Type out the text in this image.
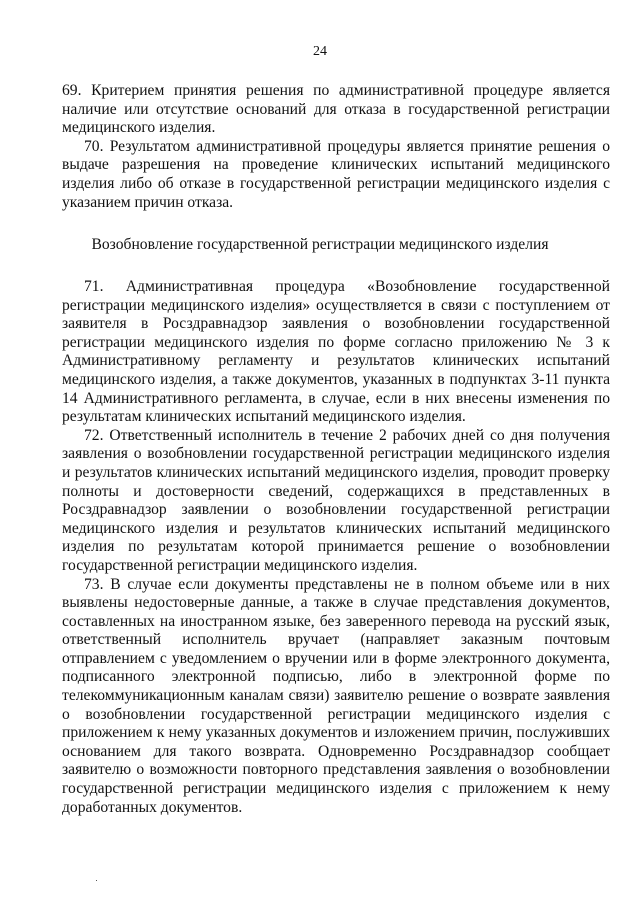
24

69. Критерием принятия решения по административной процедуре является наличие или отсутствие оснований для отказа в государственной регистрации медицинского изделия.

70. Результатом административной процедуры является принятие решения о выдаче разрешения на проведение клинических испытаний медицинского изделия либо об отказе в государственной регистрации медицинского изделия с указанием причин отказа.

Возобновление государственной регистрации медицинского изделия

71. Административная процедура «Возобновление государственной регистрации медицинского изделия» осуществляется в связи с поступлением от заявителя в Росздравнадзор заявления о возобновлении государственной регистрации медицинского изделия по форме согласно приложению № 3 к Административному регламенту и результатов клинических испытаний медицинского изделия, а также документов, указанных в подпунктах 3-11 пункта 14 Административного регламента, в случае, если в них внесены изменения по результатам клинических испытаний медицинского изделия.

72. Ответственный исполнитель в течение 2 рабочих дней со дня получения заявления о возобновлении государственной регистрации медицинского изделия и результатов клинических испытаний медицинского изделия, проводит проверку полноты и достоверности сведений, содержащихся в представленных в Росздравнадзор заявлении о возобновлении государственной регистрации медицинского изделия и результатов клинических испытаний медицинского изделия по результатам которой принимается решение о возобновлении государственной регистрации медицинского изделия.

73. В случае если документы представлены не в полном объеме или в них выявлены недостоверные данные, а также в случае представления документов, составленных на иностранном языке, без заверенного перевода на русский язык, ответственный исполнитель вручает (направляет заказным почтовым отправлением с уведомлением о вручении или в форме электронного документа, подписанного электронной подписью, либо в электронной форме по телекоммуникационным каналам связи) заявителю решение о возврате заявления о возобновлении государственной регистрации медицинского изделия с приложением к нему указанных документов и изложением причин, послуживших основанием для такого возврата. Одновременно Росздравнадзор сообщает заявителю о возможности повторного представления заявления о возобновлении государственной регистрации медицинского изделия с приложением к нему доработанных документов.
